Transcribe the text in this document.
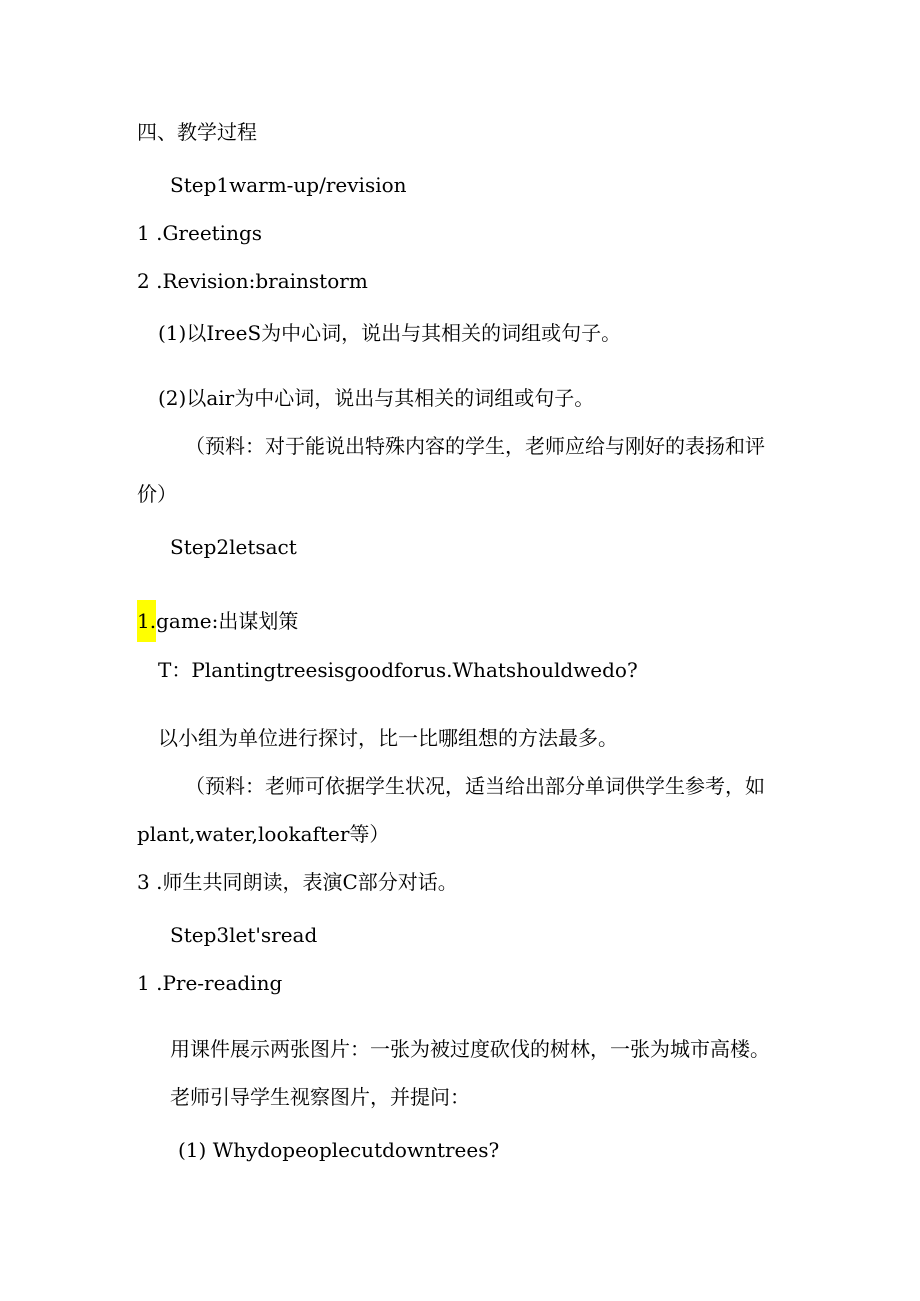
四、教学过程
Step1warm-up/revision
1 .Greetings
2 .Revision:brainstorm
(1)以IreeS为中心词，说出与其相关的词组或句子。
(2)以air为中心词，说出与其相关的词组或句子。
（预料：对于能说出特殊内容的学生，老师应给与刚好的表扬和评
价）
Step2letsact
1.game:出谋划策
T：Plantingtreesisgoodforus.Whatshouldwedo?
以小组为单位进行探讨，比一比哪组想的方法最多。
（预料：老师可依据学生状况，适当给出部分单词供学生参考，如
plant,water,lookafter等）
3 .师生共同朗读，表演C部分对话。
Step3let'sread
1 .Pre-reading
用课件展示两张图片：一张为被过度砍伐的树林，一张为城市高楼。
老师引导学生视察图片，并提问：
(1) Whydopeoplecutdowntrees?
